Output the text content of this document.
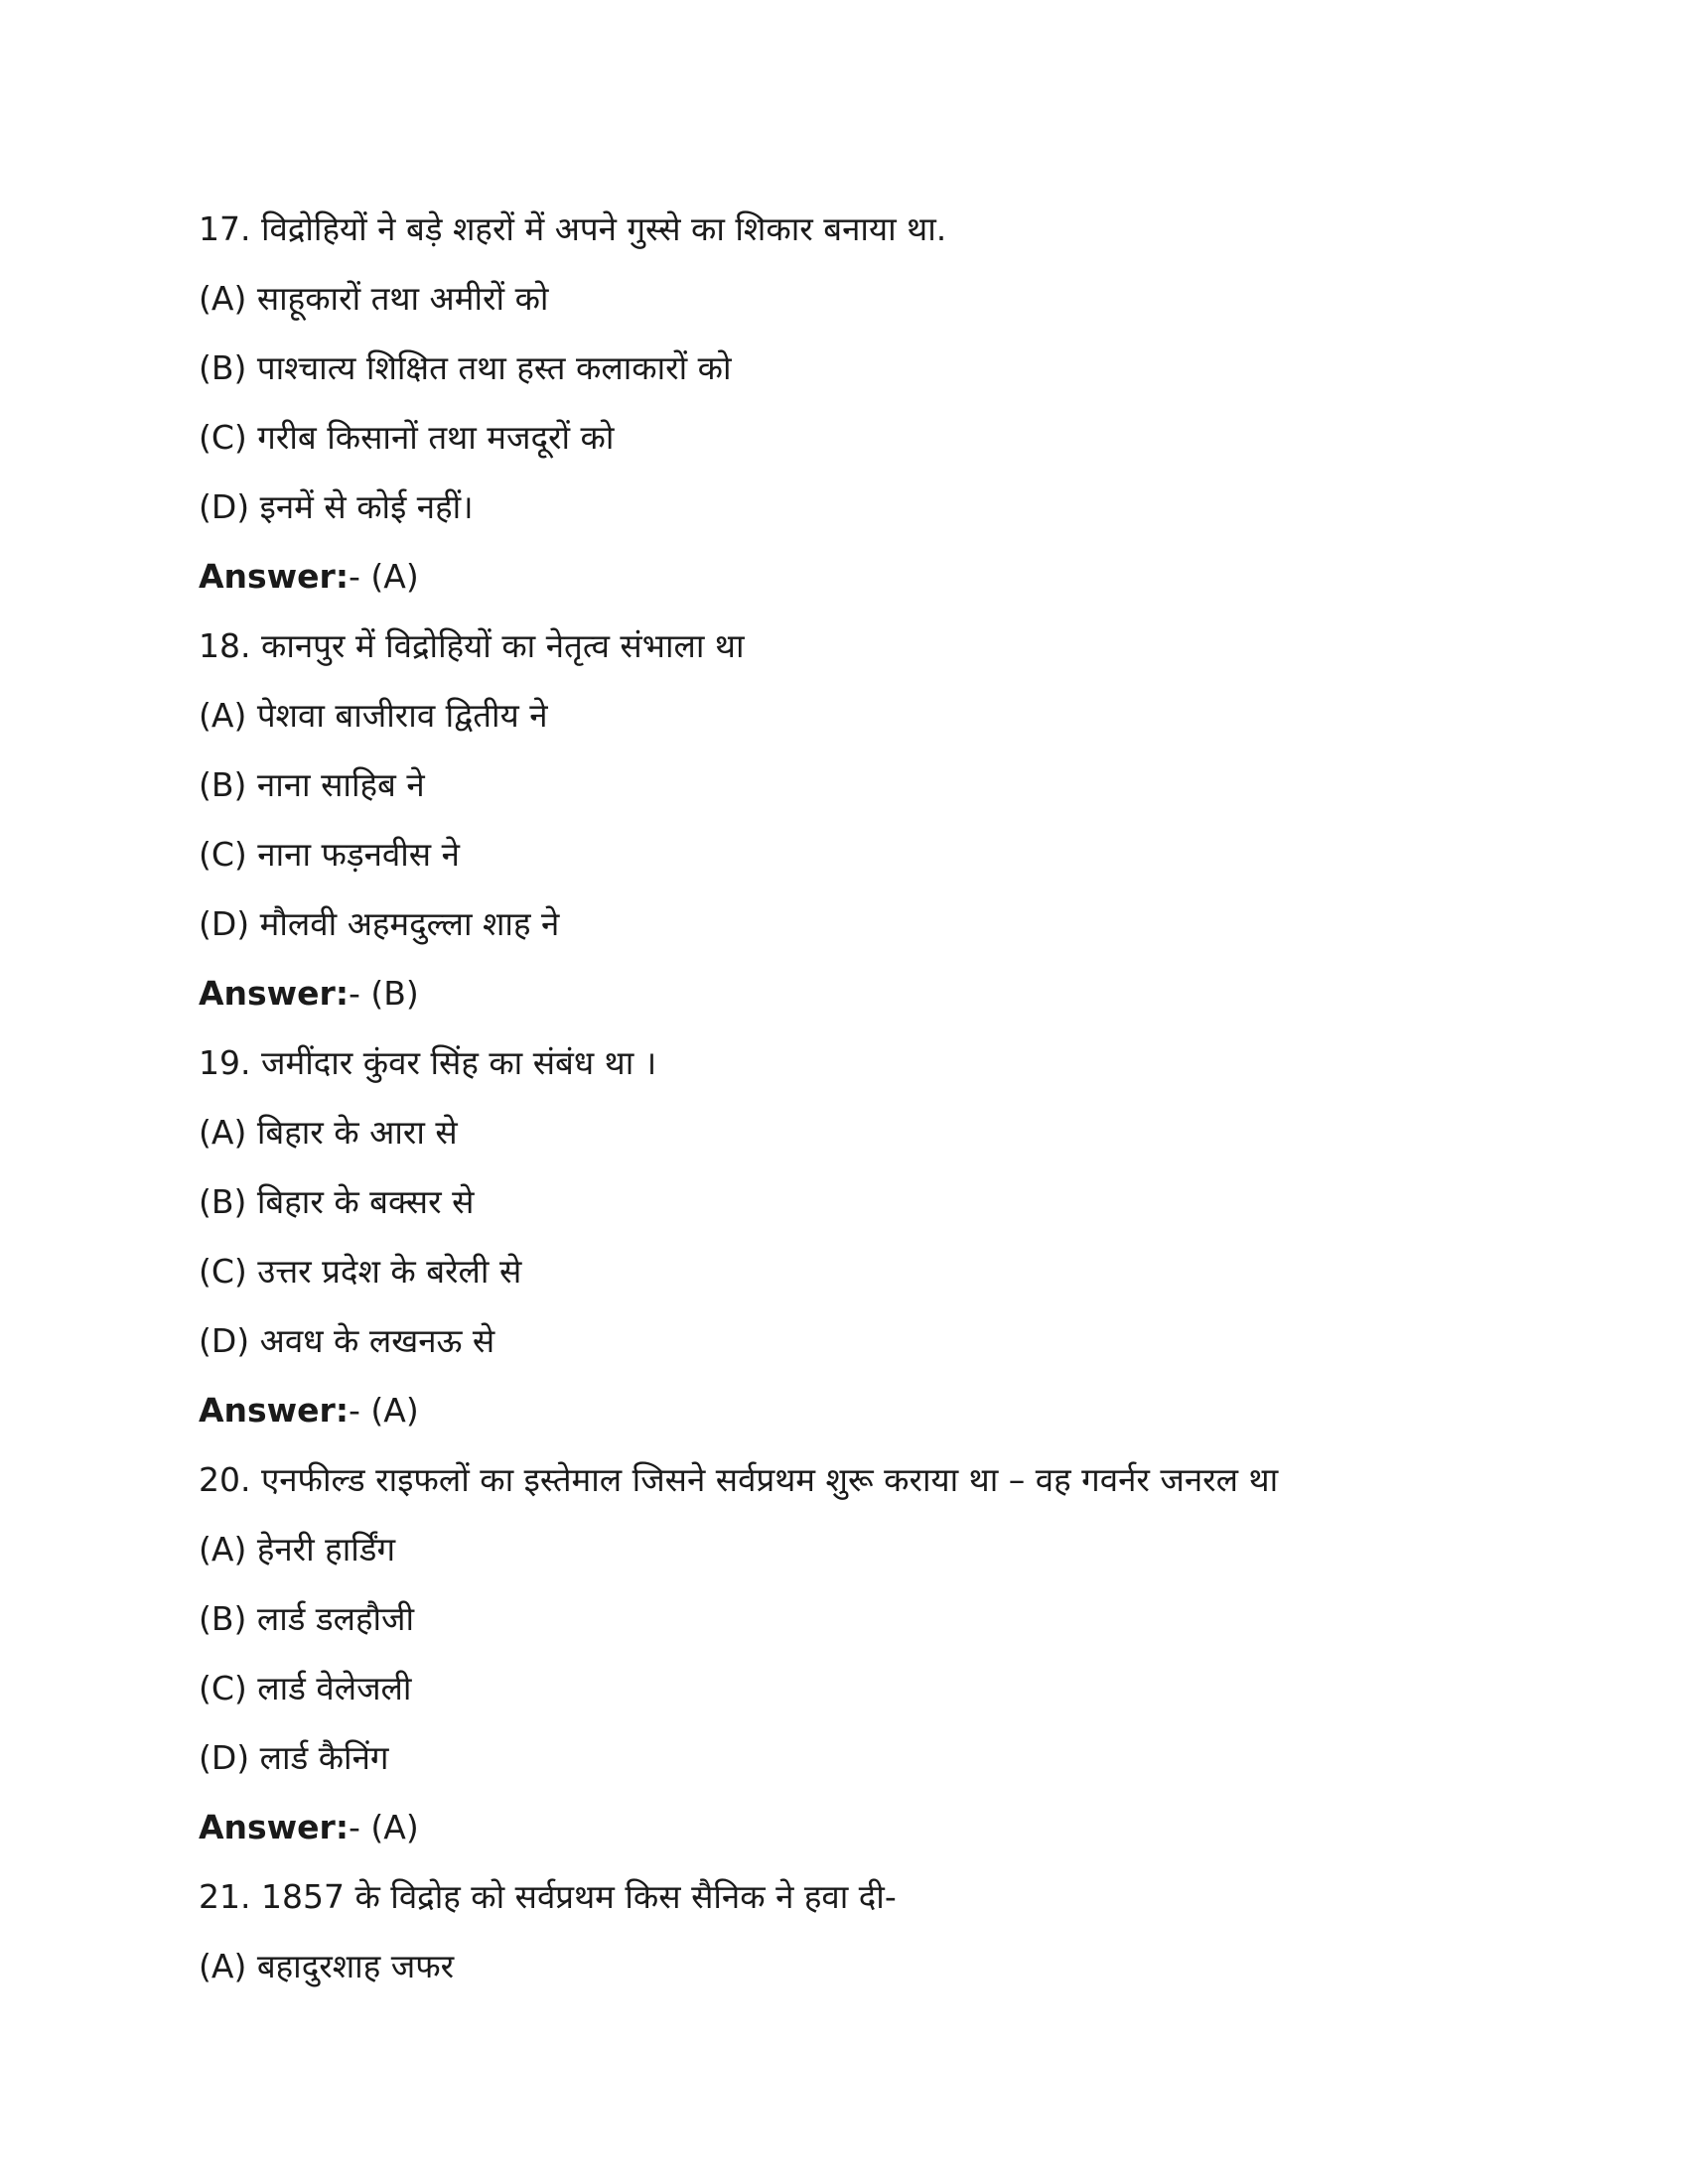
17. विद्रोहियों ने बड़े शहरों में अपने गुस्से का शिकार बनाया था.
(A) साहूकारों तथा अमीरों को
(B) पाश्चात्य शिक्षित तथा हस्त कलाकारों को
(C) गरीब किसानों तथा मजदूरों को
(D) इनमें से कोई नहीं।
Answer:- (A)
18. कानपुर में विद्रोहियों का नेतृत्व संभाला था
(A) पेशवा बाजीराव द्वितीय ने
(B) नाना साहिब ने
(C) नाना फड़नवीस ने
(D) मौलवी अहमदुल्ला शाह ने
Answer:- (B)
19. जमींदार कुंवर सिंह का संबंध था ।
(A) बिहार के आरा से
(B) बिहार के बक्सर से
(C) उत्तर प्रदेश के बरेली से
(D) अवध के लखनऊ से
Answer:- (A)
20. एनफील्ड राइफलों का इस्तेमाल जिसने सर्वप्रथम शुरू कराया था – वह गवर्नर जनरल था
(A) हेनरी हार्डिंग
(B) लार्ड डलहौजी
(C) लार्ड वेलेजली
(D) लार्ड कैनिंग
Answer:- (A)
21. 1857 के विद्रोह को सर्वप्रथम किस सैनिक ने हवा दी-
(A) बहादुरशाह जफर
